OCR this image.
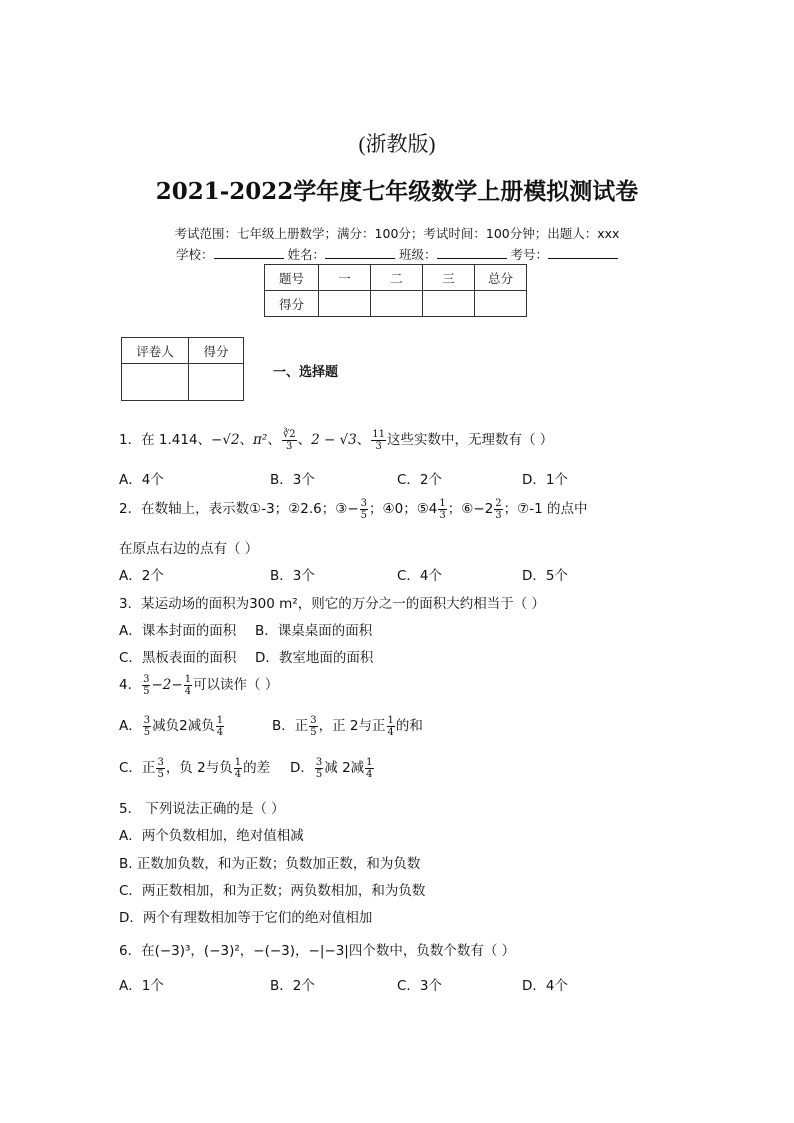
(浙教版)
2021-2022学年度七年级数学上册模拟测试卷
考试范围：七年级上册数学；满分：100分；考试时间：100分钟；出题人：xxx
学校：	姓名：	班级：	考号：
题号	一	二	三	总分
得分				
评卷人	得分

一、选择题
1．在 1.414、−√2、π²、 $\frac{∛2}{3}$ 、2 − √3、 $\frac{11}{3}$ 这些实数中，无理数有（ ）
A．4个	B．3个	C．2个	D．1个
2．在数轴上，表示数①-3；②2.6；③− $\frac{3}{5}$ ；④0；⑤4 $\frac{1}{3}$ ；⑥−2 $\frac{2}{3}$ ；⑦-1 的点中
在原点右边的点有（ ）
A．2个	B．3个	C．4个	D．5个
3．某运动场的面积为300 m²，则它的万分之一的面积大约相当于（ ）
A．课本封面的面积 B．课桌桌面的面积
C．黑板表面的面积 D．教室地面的面积
4． $\frac{3}{5} -2- \frac{1}{4}$ 可以读作（ ）
A． $\frac{3}{5}$ 减负2减负 $\frac{1}{4}$	B．正 $\frac{3}{5}$ ，正 2与正 $\frac{1}{4}$ 的和
C．正 $\frac{3}{5}$ ，负 2与负 $\frac{1}{4}$ 的差 D． $\frac{3}{5}$ 减 2减 $\frac{1}{4}$
5． 下列说法正确的是（ ）
A．两个负数相加，绝对值相减
B. 正数加负数，和为正数；负数加正数，和为负数
C．两正数相加，和为正数；两负数相加，和为负数
D．两个有理数相加等于它们的绝对值相加
6．在(−3)³，(−3)²，−(−3)，−|−3|四个数中，负数个数有（ ）
A．1个	B．2个	C．3个	D．4个
